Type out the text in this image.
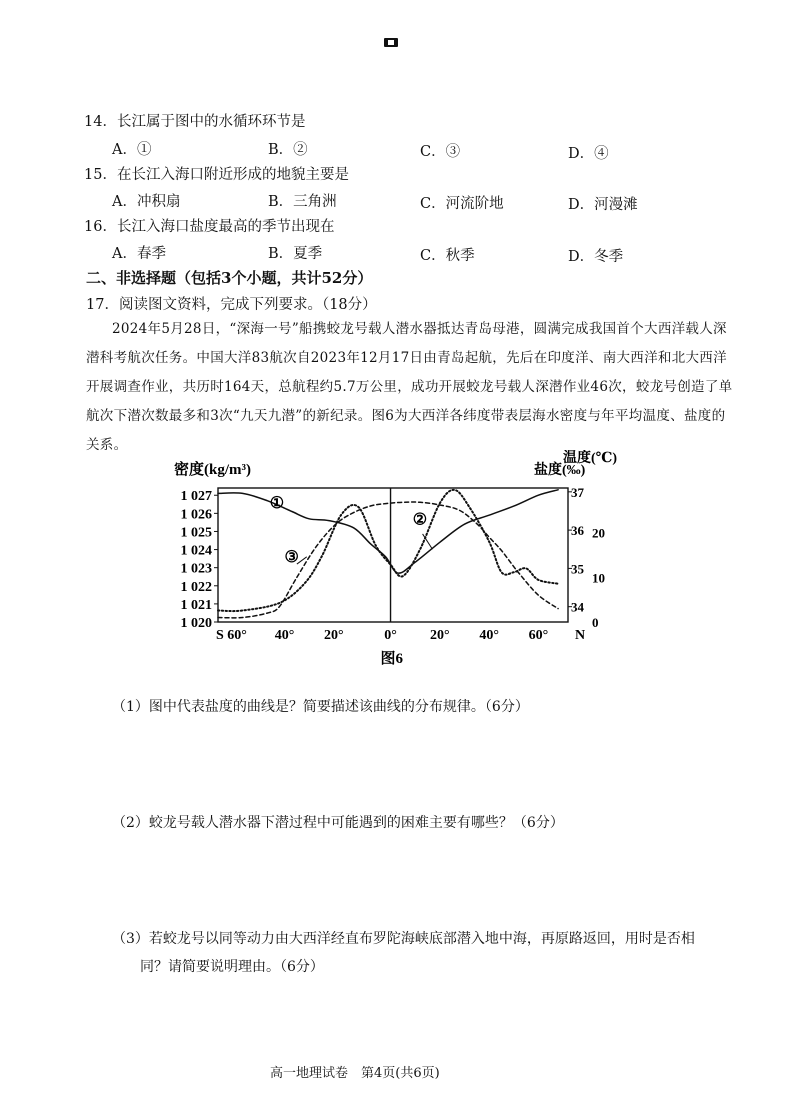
14．长江属于图中的水循环环节是
A．①	B．②	C．③	D．④
15．在长江入海口附近形成的地貌主要是
A．冲积扇	B．三角洲	C．河流阶地	D．河漫滩
16．长江入海口盐度最高的季节出现在
A．春季	B．夏季	C．秋季	D．冬季
二、非选择题（包括3个小题，共计52分）
17．阅读图文资料，完成下列要求。（18分）
2024年5月28日，“深海一号”船携蛟龙号载人潜水器抵达青岛母港，圆满完成我国首个大西洋载人深潜科考航次任务。中国大洋83航次自2023年12月17日由青岛起航，先后在印度洋、南大西洋和北大西洋开展调查作业，共历时164天，总航程约5.7万公里，成功开展蛟龙号载人深潜作业46次，蛟龙号创造了单航次下潜次数最多和3次“九天九潜”的新纪录。图6为大西洋各纬度带表层海水密度与年平均温度、盐度的关系。
密度(kg/m³)	盐度(‰)
温度(℃)
1 027
1 026
1 025
1 024
1 023
1 022
1 021
1 020
37
36
35
34
20
10
0
S 60° 40° 20°	0° 20° 40° 60° N
图6
①
②
③
（1）图中代表盐度的曲线是？简要描述该曲线的分布规律。（6分）
（2）蛟龙号载人潜水器下潜过程中可能遇到的困难主要有哪些？（6分）
（3）若蛟龙号以同等动力由大西洋经直布罗陀海峡底部潜入地中海，再原路返回，用时是否相
同？请简要说明理由。（6分）
高一地理试卷　第4页(共6页)
